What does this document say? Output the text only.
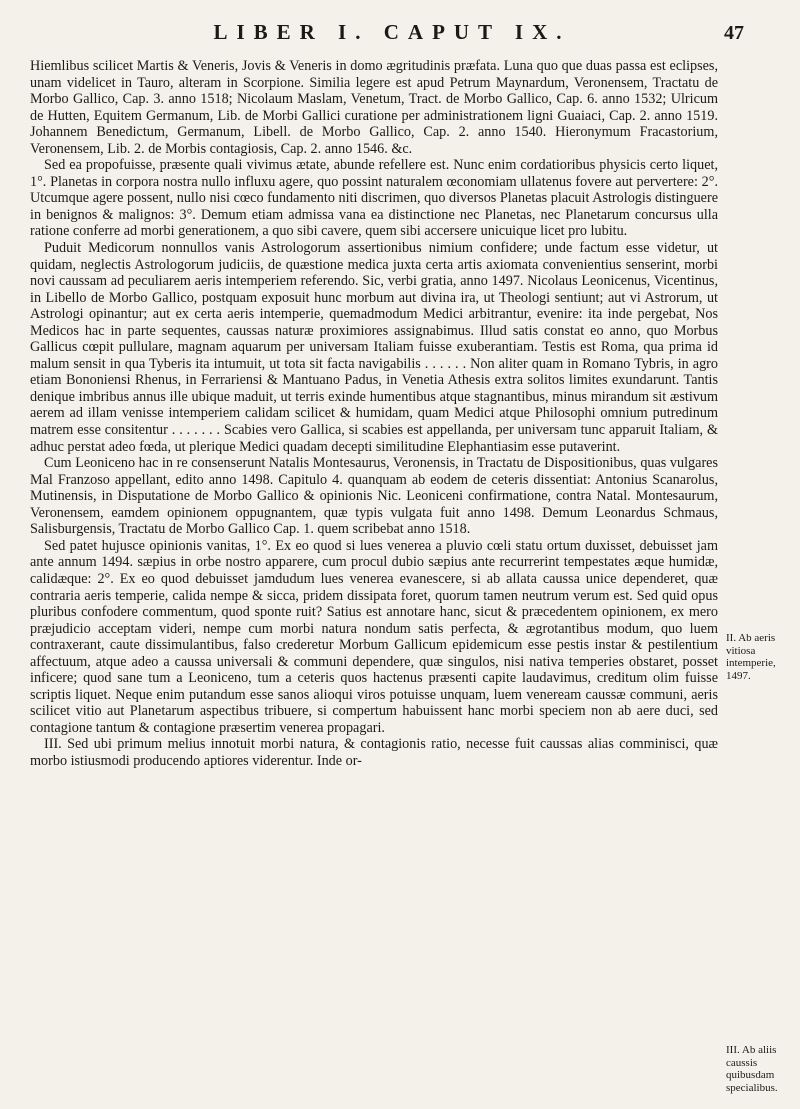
LIBER I. CAPUT IX.	47

Hiemlibus scilicet Martis & Veneris, Jovis & Veneris in domo ægritudinis præfata. Luna quo que duas passa est eclipses, unam videlicet in Tauro, alteram in Scorpione. Similia legere est apud Petrum Maynardum, Veronensem, Tractatu de Morbo Gallico, Cap. 3. anno 1518; Nicolaum Maslam, Venetum, Tract. de Morbo Gallico, Cap. 6. anno 1532; Ulricum de Hutten, Equitem Germanum, Lib. de Morbi Gallici curatione per administrationem ligni Guaiaci, Cap. 2. anno 1519. Johannem Benedictum, Germanum, Libell. de Morbo Gallico, Cap. 2. anno 1540. Hieronymum Fracastorium, Veronensem, Lib. 2. de Morbis contagiosis, Cap. 2. anno 1546. &c.

Sed ea propofuisse, præsente quali vivimus ætate, abunde refellere est. Nunc enim cordatioribus physicis certo liquet, 1°. Planetas in corpora nostra nullo influxu agere, quo possint naturalem œconomiam ullatenus fovere aut pervertere: 2°. Utcumque agere possent, nullo nisi cœco fundamento niti discrimen, quo diversos Planetas placuit Astrologis distinguere in benignos & malignos: 3°. Demum etiam admissa vana ea distinctione nec Planetas, nec Planetarum concursus ulla ratione conferre ad morbi generationem, a quo sibi cavere, quem sibi accersere unicuique licet pro lubitu.

Puduit Medicorum nonnullos vanis Astrologorum assertionibus nimium confidere; unde factum esse videtur, ut quidam, neglectis Astrologorum judiciis, de quæstione medica juxta certa artis axiomata convenientius senserint, morbi novi caussam ad peculiarem aeris intemperiem referendo. Sic, verbi gratia, anno 1497. Nicolaus Leonicenus, Vicentinus, in Libello de Morbo Gallico, postquam exposuit hunc morbum aut divina ira, ut Theologi sentiunt; aut vi Astrorum, ut Astrologi opinantur; aut ex certa aeris intemperie, quemadmodum Medici arbitrantur, evenire: ita inde pergebat, Nos Medicos hac in parte sequentes, caussas naturæ proximiores assignabimus. Illud satis constat eo anno, quo Morbus Gallicus cœpit pullulare, magnam aquarum per universam Italiam fuisse exuberantiam. Testis est Roma, qua prima id malum sensit in qua Tyberis ita intumuit, ut tota sit facta navigabilis . . . . . . Non aliter quam in Romano Tybris, in agro etiam Bononiensi Rhenus, in Ferrariensi & Mantuano Padus, in Venetia Athesis extra solitos limites exundarunt. Tantis denique imbribus annus ille ubique maduit, ut terris exinde humentibus atque stagnantibus, minus mirandum sit æstivum aerem ad illam venisse intemperiem calidam scilicet & humidam, quam Medici atque Philosophi omnium putredinum matrem esse consitentur . . . . . . . Scabies vero Gallica, si scabies est appellanda, per universam tunc apparuit Italiam, & adhuc perstat adeo fœda, ut plerique Medici quadam decepti similitudine Elephantiasim esse putaverint.

Cum Leoniceno hac in re consenserunt Natalis Montesaurus, Veronensis, in Tractatu de Dispositionibus, quas vulgares Mal Franzoso appellant, edito anno 1498. Capitulo 4. quanquam ab eodem de ceteris dissentiat: Antonius Scanarolus, Mutinensis, in Disputatione de Morbo Gallico & opinionis Nic. Leoniceni confirmatione, contra Natal. Montesaurum, Veronensem, eamdem opinionem oppugnantem, quæ typis vulgata fuit anno 1498. Demum Leonardus Schmaus, Salisburgensis, Tractatu de Morbo Gallico Cap. 1. quem scribebat anno 1518.

Sed patet hujusce opinionis vanitas, 1°. Ex eo quod si lues venerea a pluvio cœli statu ortum duxisset, debuisset jam ante annum 1494. sæpius in orbe nostro apparere, cum procul dubio sæpius ante recurrerint tempestates æque humidæ, calidæque: 2°. Ex eo quod debuisset jamdudum lues venerea evanescere, si ab allata caussa unice dependeret, quæ contraria aeris temperie, calida nempe & sicca, pridem dissipata foret, quorum tamen neutrum verum est. Sed quid opus pluribus confodere commentum, quod sponte ruit? Satius est annotare hanc, sicut & præcedentem opinionem, ex mero præjudicio acceptam videri, nempe cum morbi natura nondum satis perfecta, & ægrotantibus modum, quo luem contraxerant, caute dissimulantibus, falso crederetur Morbum Gallicum epidemicum esse pestis instar & pestilentium affectuum, atque adeo a caussa universali & communi dependere, quæ singulos, nisi nativa temperies obstaret, posset inficere; quod sane tum a Leoniceno, tum a ceteris quos hactenus præsenti capite laudavimus, creditum olim fuisse scriptis liquet. Neque enim putandum esse sanos alioqui viros potuisse unquam, luem veneream caussæ communi, aeris scilicet vitio aut Planetarum aspectibus tribuere, si compertum habuissent hanc morbi speciem non ab aere duci, sed contagione tantum & contagione præsertim venerea propagari.

III. Sed ubi primum melius innotuit morbi natura, & contagionis ratio, necesse fuit caussas alias comminisci, quæ morbo istiusmodi producendo aptiores viderentur. Inde or-

II. Ab aeris vitiosa intemperie, 1497.
III. Ab aliis caussis quibusdam specialibus.
